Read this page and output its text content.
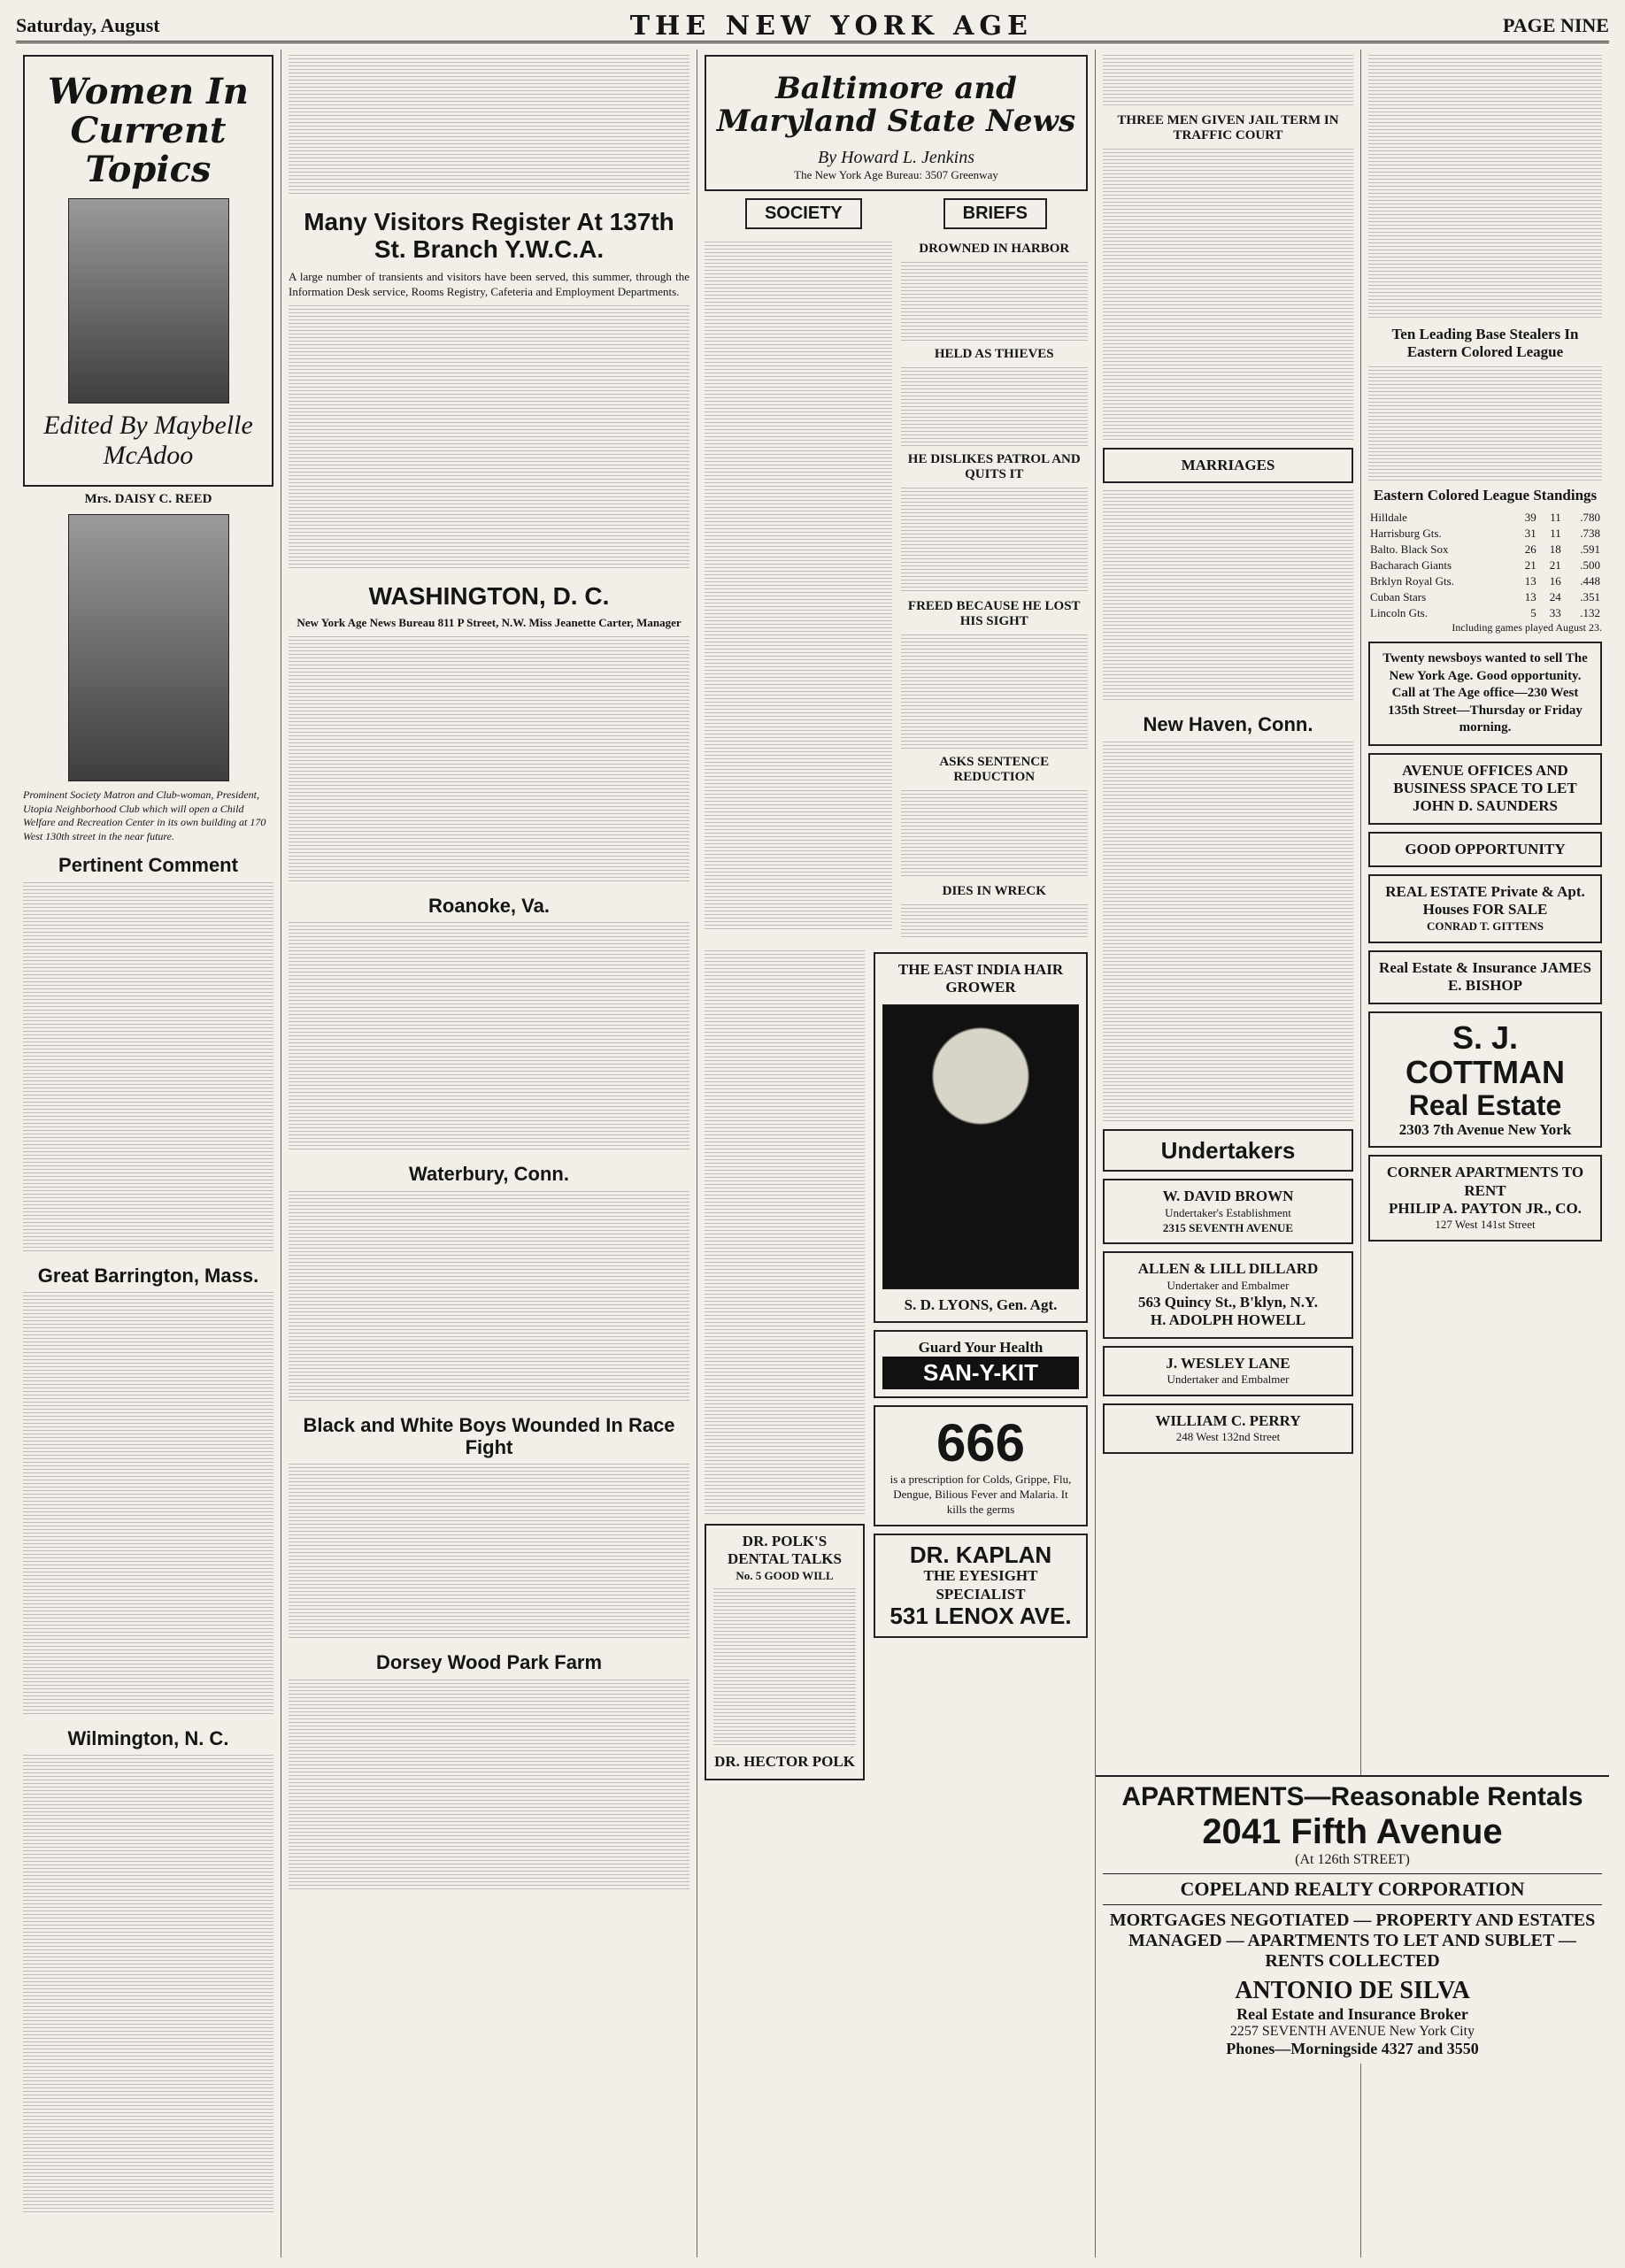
Saturday, August	THE NEW YORK AGE	PAGE NINE
Women In Current Topics
Edited By Maybelle McAdoo
Mrs. DAISY C. REED

Prominent Society Matron and Club-woman, President, Utopia Neighborhood Club which will open a Child Welfare and Recreation Center in its own building at 170 West 130th street in the near future.

Pertinent Comment
Great Barrington, Mass.
Wilmington, N. C.
Many Visitors Register At 137th St. Branch Y.W.C.A.

A large number of transients and visitors have been served, this summer, through the Information Desk service, Rooms Registry, Cafeteria and Employment Departments.

WASHINGTON, D. C.

New York Age News Bureau 811 P Street, N.W. Miss Jeanette Carter, Manager

Roanoke, Va.
Waterbury, Conn.
Black and White Boys Wounded In Race Fight
Dorsey Wood Park Farm
Baltimore and Maryland State News
By Howard L. Jenkins
The New York Age Bureau: 3507 Greenway
SOCIETY	BRIEFS
DROWNED IN HARBOR
HELD AS THIEVES
HE DISLIKES PATROL AND QUITS IT
FREED BECAUSE HE LOST HIS SIGHT
ASKS SENTENCE REDUCTION
DIES IN WRECK
DR. POLK'S DENTAL TALKS
No. 5 GOOD WILL
DR. HECTOR POLK
THE EAST INDIA HAIR GROWER
S. D. LYONS, Gen. Agt.
Guard Your Health
SAN-Y-KIT
666
is a prescription for Colds, Grippe, Flu, Dengue, Bilious Fever and Malaria. It kills the germs
DR. KAPLAN
THE EYESIGHT SPECIALIST
531 LENOX AVE.
THREE MEN GIVEN JAIL TERM IN TRAFFIC COURT
MARRIAGES
New Haven, Conn.
Undertakers
W. DAVID BROWN
Undertaker's Establishment
2315 SEVENTH AVENUE
ALLEN & LILL DILLARD
Undertaker and Embalmer
563 Quincy St., B'klyn, N.Y.
H. ADOLPH HOWELL
J. WESLEY LANE
Undertaker and Embalmer
WILLIAM C. PERRY
248 West 132nd Street
Ten Leading Base Stealers In Eastern Colored League
Eastern Colored League Standings
Hilldale	39	11	.780
Harrisburg Gts.	31	11	.738
Balto. Black Sox	26	18	.591
Bacharach Giants	21	21	.500
Brklyn Royal Gts.	13	16	.448
Cuban Stars	13	24	.351
Lincoln Gts.	5	33	.132
Including games played August 23.
Twenty newsboys wanted to sell The New York Age. Good opportunity. Call at The Age office—230 West 135th Street—Thursday or Friday morning.
AVENUE OFFICES AND BUSINESS SPACE TO LET
JOHN D. SAUNDERS
GOOD OPPORTUNITY
REAL ESTATE Private & Apt. Houses FOR SALE
CONRAD T. GITTENS
Real Estate & Insurance JAMES E. BISHOP
S. J. COTTMAN
Real Estate
2303 7th Avenue New York
CORNER APARTMENTS TO RENT
PHILIP A. PAYTON JR., CO.
127 West 141st Street
APARTMENTS—Reasonable Rentals
2041 Fifth Avenue
(At 126th STREET)
COPELAND REALTY CORPORATION
MORTGAGES NEGOTIATED — PROPERTY AND ESTATES MANAGED — APARTMENTS TO LET AND SUBLET — RENTS COLLECTED
ANTONIO DE SILVA
Real Estate and Insurance Broker
2257 SEVENTH AVENUE New York City
Phones—Morningside 4327 and 3550
